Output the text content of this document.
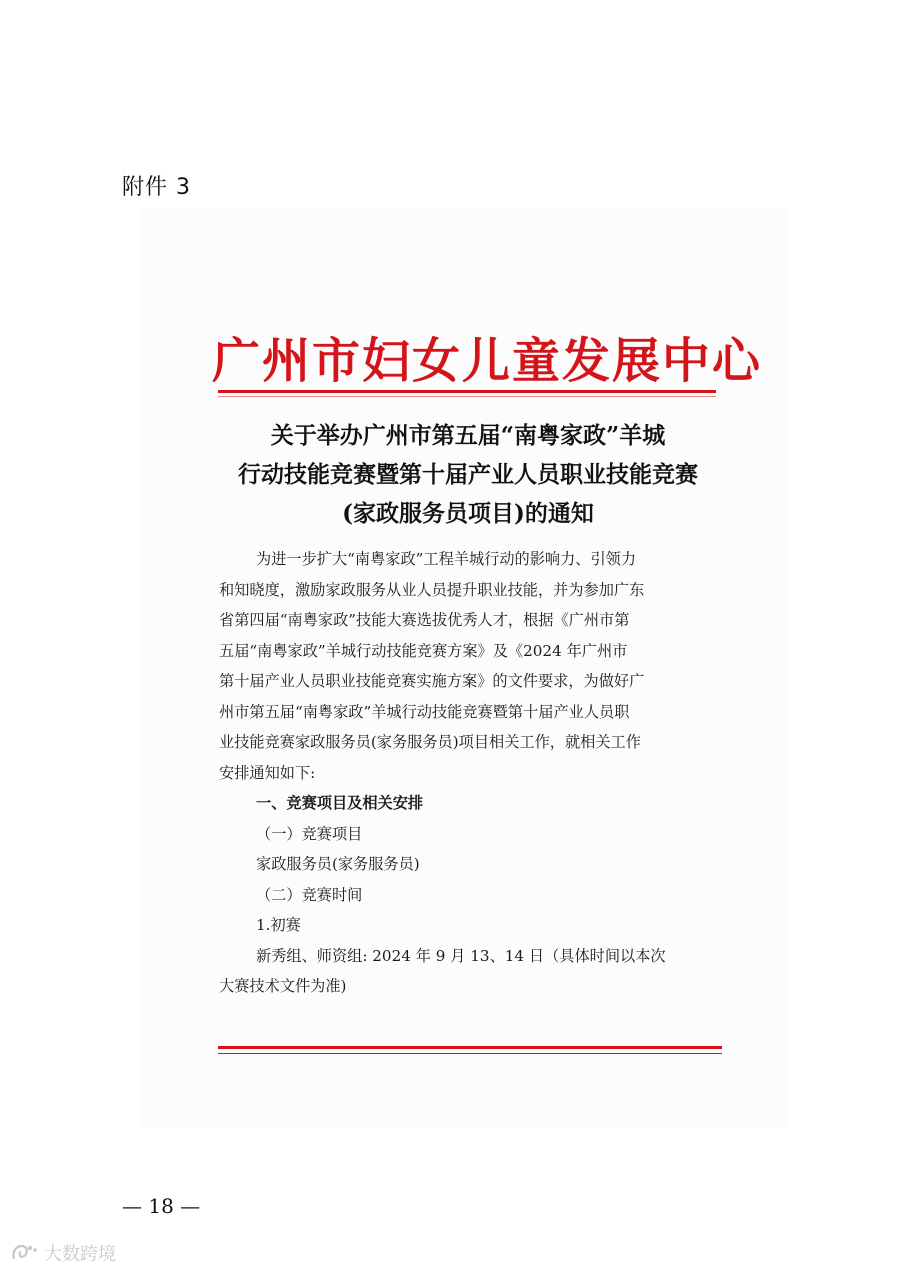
附件 3
广州市妇女儿童发展中心
关于举办广州市第五届“南粤家政”羊城
行动技能竞赛暨第十届产业人员职业技能竞赛
(家政服务员项目)的通知
为进一步扩大“南粤家政”工程羊城行动的影响力、引领力
和知晓度，激励家政服务从业人员提升职业技能，并为参加广东
省第四届“南粤家政”技能大赛选拔优秀人才，根据《广州市第
五届“南粤家政”羊城行动技能竞赛方案》及《2024 年广州市
第十届产业人员职业技能竞赛实施方案》的文件要求，为做好广
州市第五届“南粤家政”羊城行动技能竞赛暨第十届产业人员职
业技能竞赛家政服务员(家务服务员)项目相关工作，就相关工作
安排通知如下:
一、竞赛项目及相关安排
（一）竞赛项目
家政服务员(家务服务员)
（二）竞赛时间
1.初赛
新秀组、师资组: 2024 年 9 月 13、14 日（具体时间以本次
大赛技术文件为准)
— 18 —
大数跨境
